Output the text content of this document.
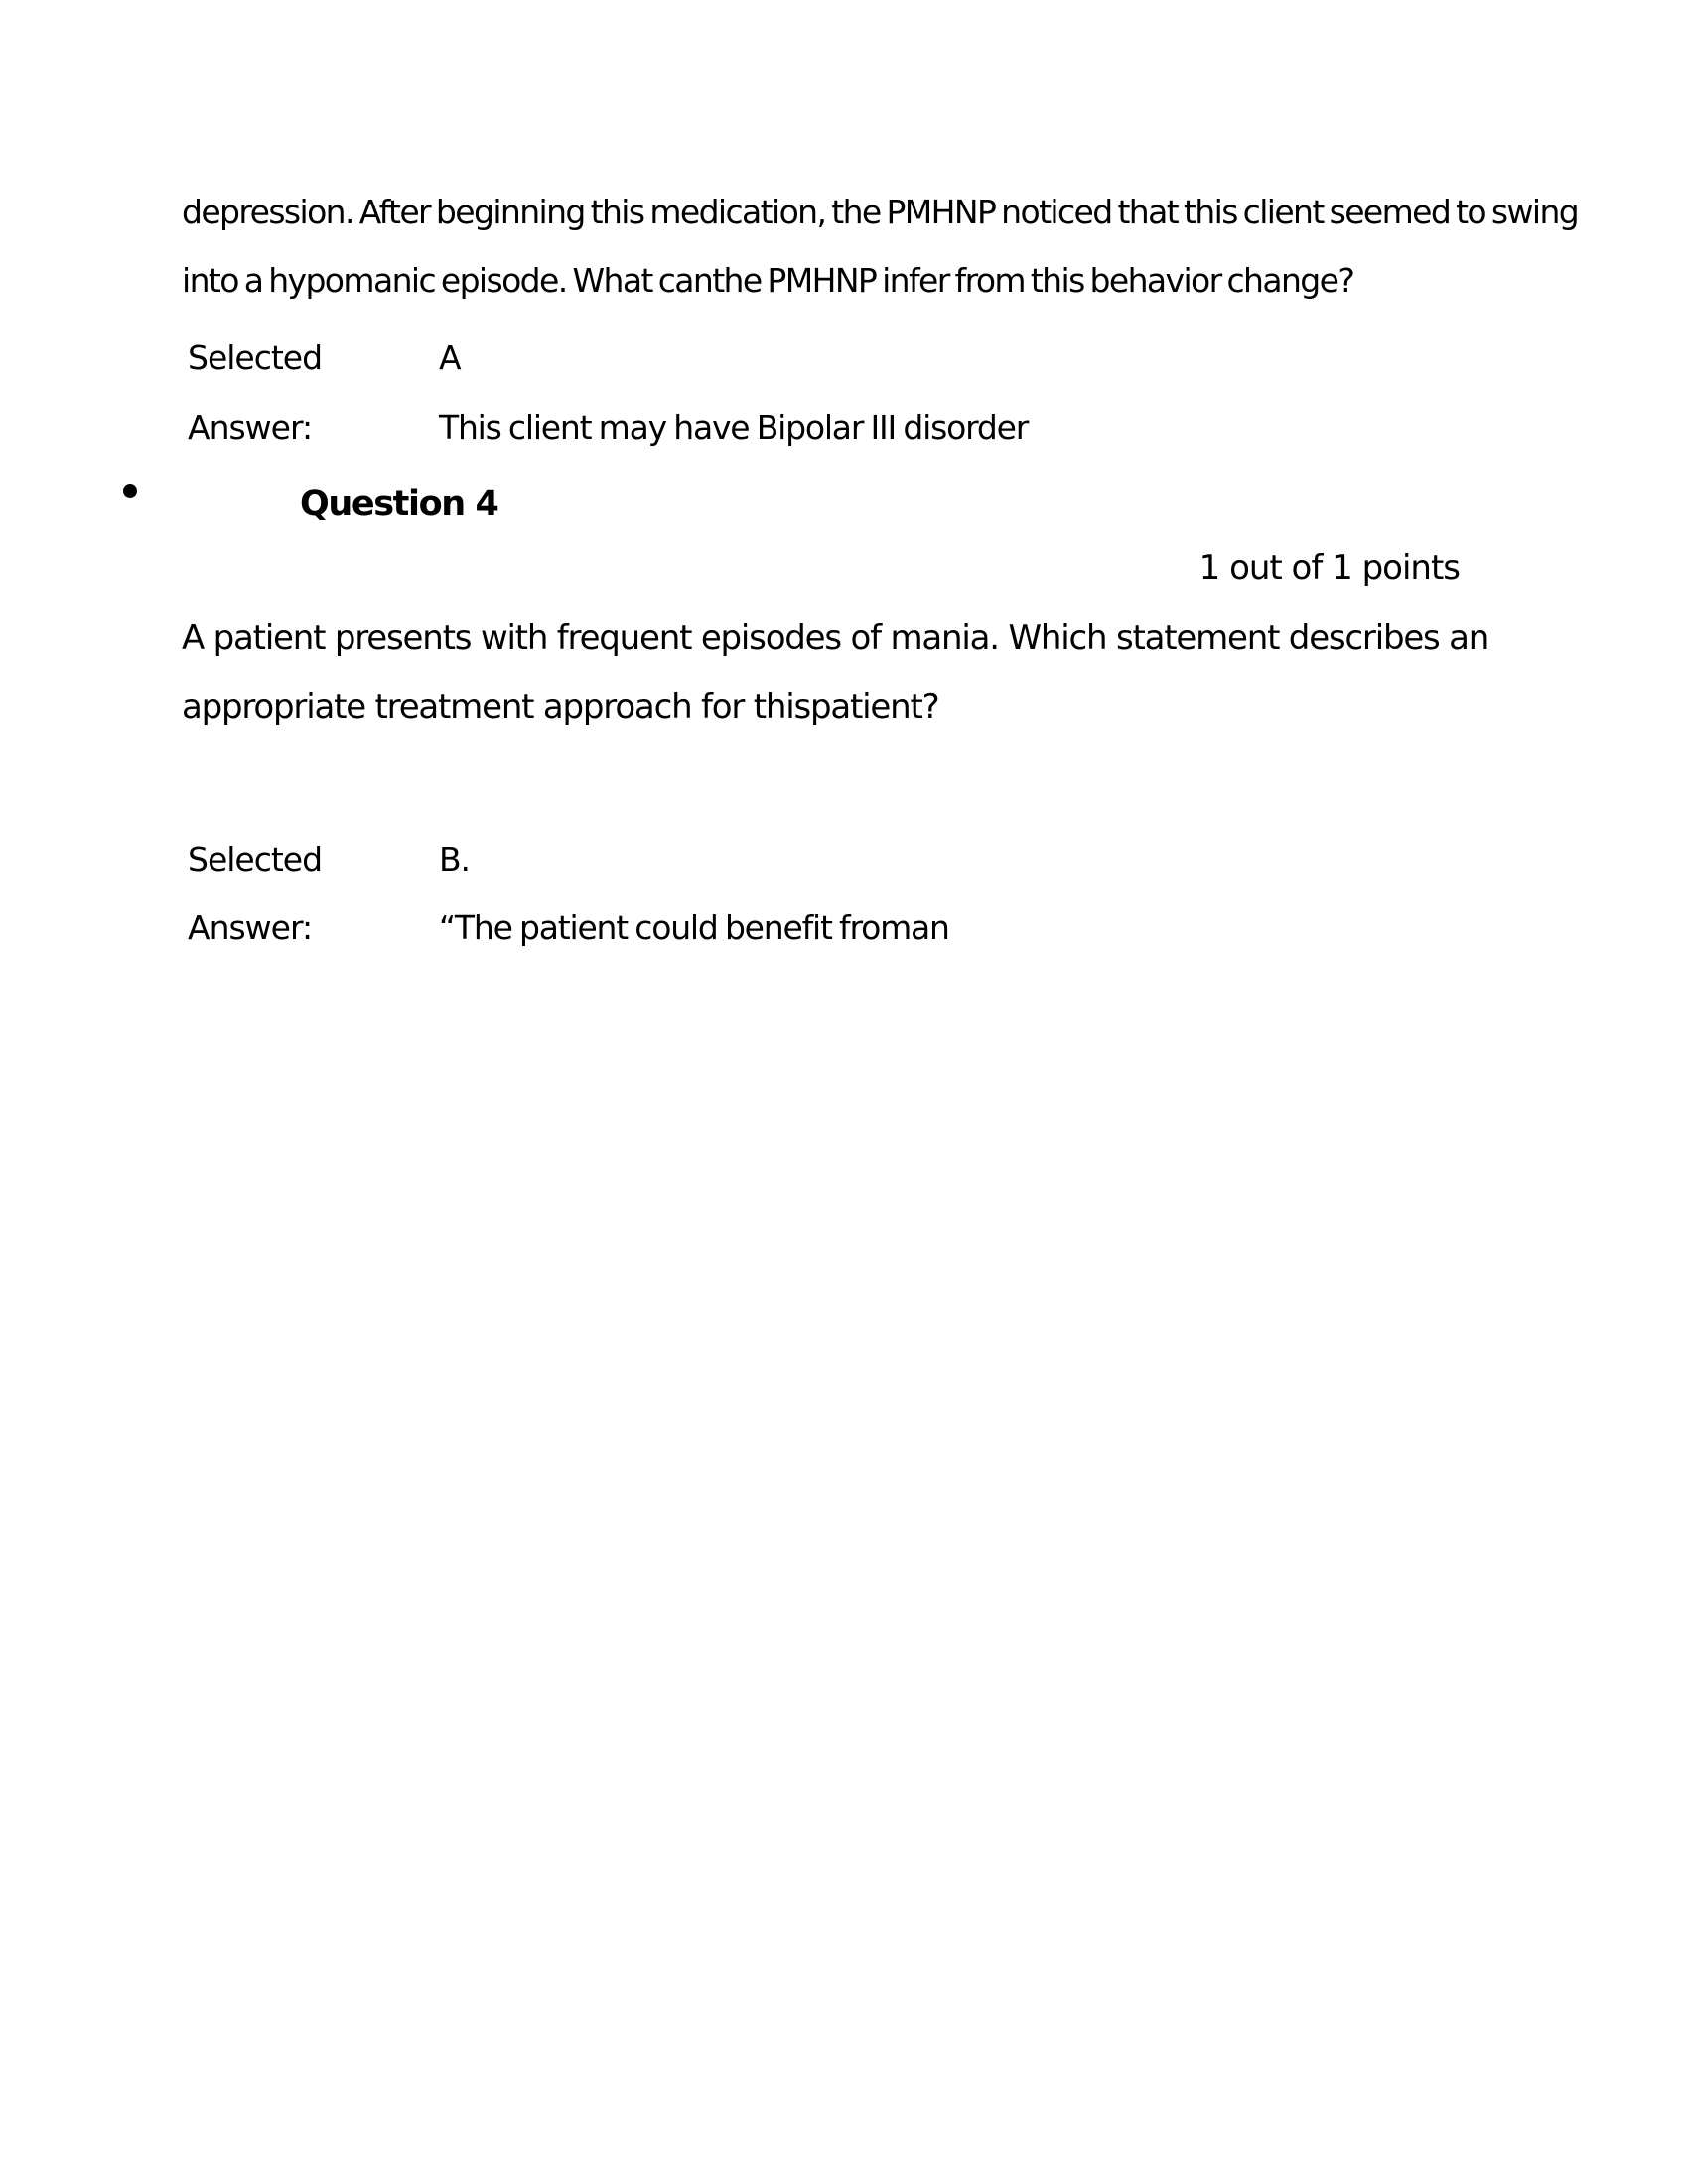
depression. After beginning this medication, the PMHNP noticed that this client seemed to swing

into a hypomanic episode. What canthe PMHNP infer from this behavior change?

Selected	A
Answer:	This client may have Bipolar III disorder
Question 4
1 out of 1 points

A patient presents with frequent episodes of mania. Which statement describes an

appropriate treatment approach for thispatient?

Selected	B.
Answer:	“The patient could benefit froman
